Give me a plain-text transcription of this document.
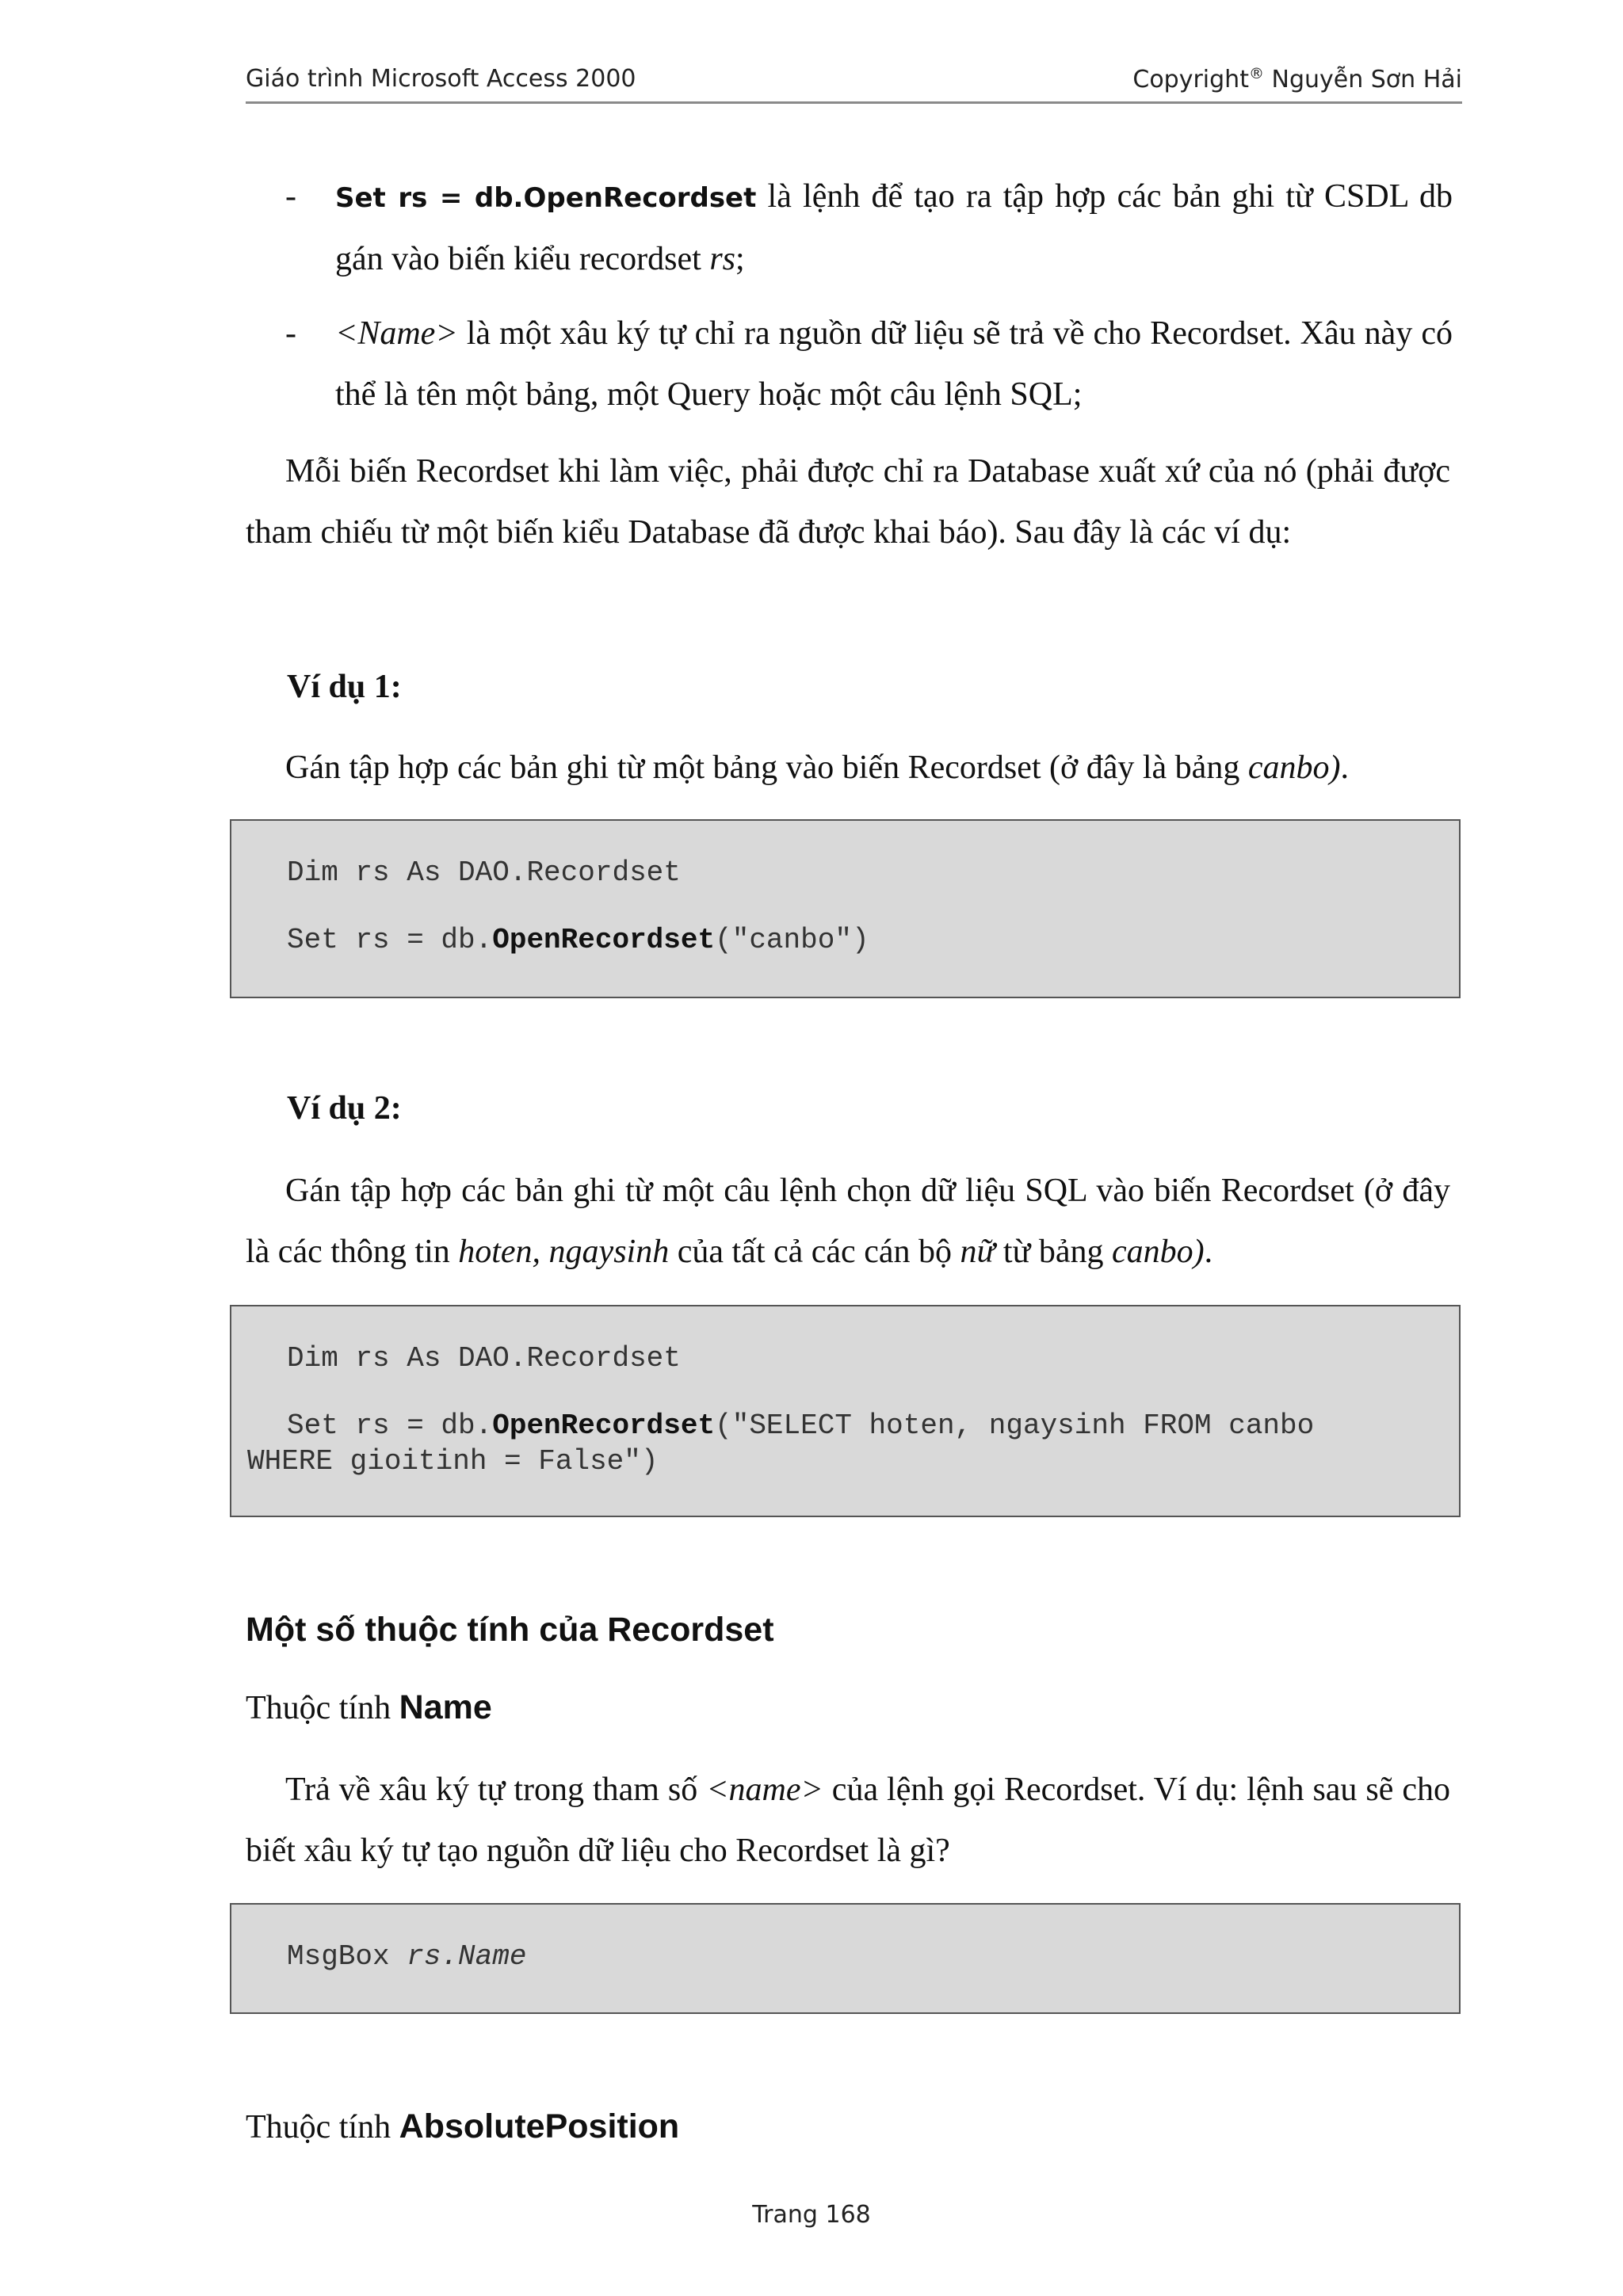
Giáo trình Microsoft Access 2000	Copyright® Nguyễn Sơn Hải
- Set rs = db.OpenRecordset là lệnh để tạo ra tập hợp các bản ghi từ CSDL db gán vào biến kiểu recordset rs;
- <Name> là một xâu ký tự chỉ ra nguồn dữ liệu sẽ trả về cho Recordset. Xâu này có thể là tên một bảng, một Query hoặc một câu lệnh SQL;
Mỗi biến Recordset khi làm việc, phải được chỉ ra Database xuất xứ của nó (phải được tham chiếu từ một biến kiểu Database đã được khai báo). Sau đây là các ví dụ:
Ví dụ 1:
Gán tập hợp các bản ghi từ một bảng vào biến Recordset (ở đây là bảng canbo).
Dim rs As DAO.Recordset
Set rs = db.OpenRecordset("canbo")
Ví dụ 2:
Gán tập hợp các bản ghi từ một câu lệnh chọn dữ liệu SQL vào biến Recordset (ở đây là các thông tin hoten, ngaysinh của tất cả các cán bộ nữ từ bảng canbo).
Dim rs As DAO.Recordset
Set rs = db.OpenRecordset("SELECT hoten, ngaysinh FROM canbo
WHERE gioitinh = False")
Một số thuộc tính của Recordset
Thuộc tính Name
Trả về xâu ký tự trong tham số <name> của lệnh gọi Recordset. Ví dụ: lệnh sau sẽ cho biết xâu ký tự tạo nguồn dữ liệu cho Recordset là gì?
MsgBox rs.Name
Thuộc tính AbsolutePosition
Trang 168
